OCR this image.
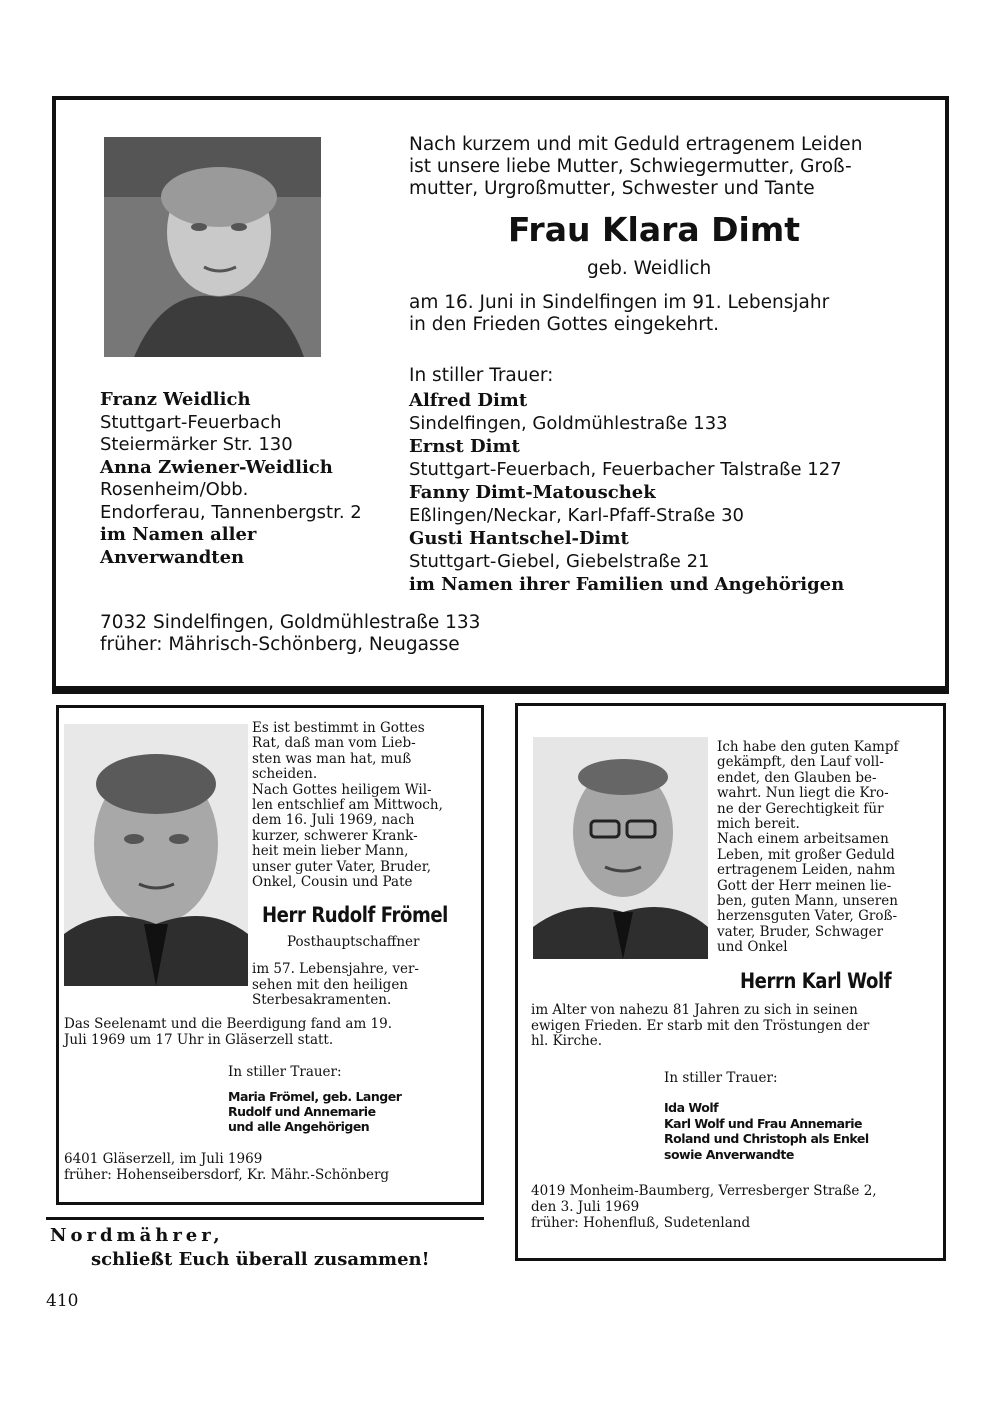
Nach kurzem und mit Geduld ertragenem Leiden
ist unsere liebe Mutter, Schwiegermutter, Groß-
mutter, Urgroßmutter, Schwester und Tante
Frau Klara Dimt
geb. Weidlich
am 16. Juni in Sindelfingen im 91. Lebensjahr
in den Frieden Gottes eingekehrt.
In stiller Trauer:
Franz Weidlich
Stuttgart-Feuerbach
Steiermärker Str. 130
Anna Zwiener-Weidlich
Rosenheim/Obb.
Endorferau, Tannenbergstr. 2
im Namen aller
Anverwandten
Alfred Dimt
Sindelfingen, Goldmühlestraße 133
Ernst Dimt
Stuttgart-Feuerbach, Feuerbacher Talstraße 127
Fanny Dimt-Matouschek
Eßlingen/Neckar, Karl-Pfaff-Straße 30
Gusti Hantschel-Dimt
Stuttgart-Giebel, Giebelstraße 21
im Namen ihrer Familien und Angehörigen
7032 Sindelfingen, Goldmühlestraße 133
früher: Mährisch-Schönberg, Neugasse
Es ist bestimmt in Gottes
Rat, daß man vom Lieb-
sten was man hat, muß
scheiden.
Nach Gottes heiligem Wil-
len entschlief am Mittwoch,
dem 16. Juli 1969, nach
kurzer, schwerer Krank-
heit mein lieber Mann,
unser guter Vater, Bruder,
Onkel, Cousin und Pate
Herr Rudolf Frömel
Posthauptschaffner
im 57. Lebensjahre, ver-
sehen mit den heiligen
Sterbesakramenten.
Das Seelenamt und die Beerdigung fand am 19.
Juli 1969 um 17 Uhr in Gläserzell statt.
In stiller Trauer:
Maria Frömel, geb. Langer
Rudolf und Annemarie
und alle Angehörigen
6401 Gläserzell, im Juli 1969
früher: Hohenseibersdorf, Kr. Mähr.-Schönberg
Ich habe den guten Kampf
gekämpft, den Lauf voll-
endet, den Glauben be-
wahrt. Nun liegt die Kro-
ne der Gerechtigkeit für
mich bereit.
Nach einem arbeitsamen
Leben, mit großer Geduld
ertragenem Leiden, nahm
Gott der Herr meinen lie-
ben, guten Mann, unseren
herzensguten Vater, Groß-
vater, Bruder, Schwager
und Onkel
Herrn Karl Wolf
im Alter von nahezu 81 Jahren zu sich in seinen
ewigen Frieden. Er starb mit den Tröstungen der
hl. Kirche.
In stiller Trauer:
Ida Wolf
Karl Wolf und Frau Annemarie
Roland und Christoph als Enkel
sowie Anverwandte
4019 Monheim-Baumberg, Verresberger Straße 2,
den 3. Juli 1969
früher: Hohenfluß, Sudetenland
Nordmährer,
schließt Euch überall zusammen!
410
